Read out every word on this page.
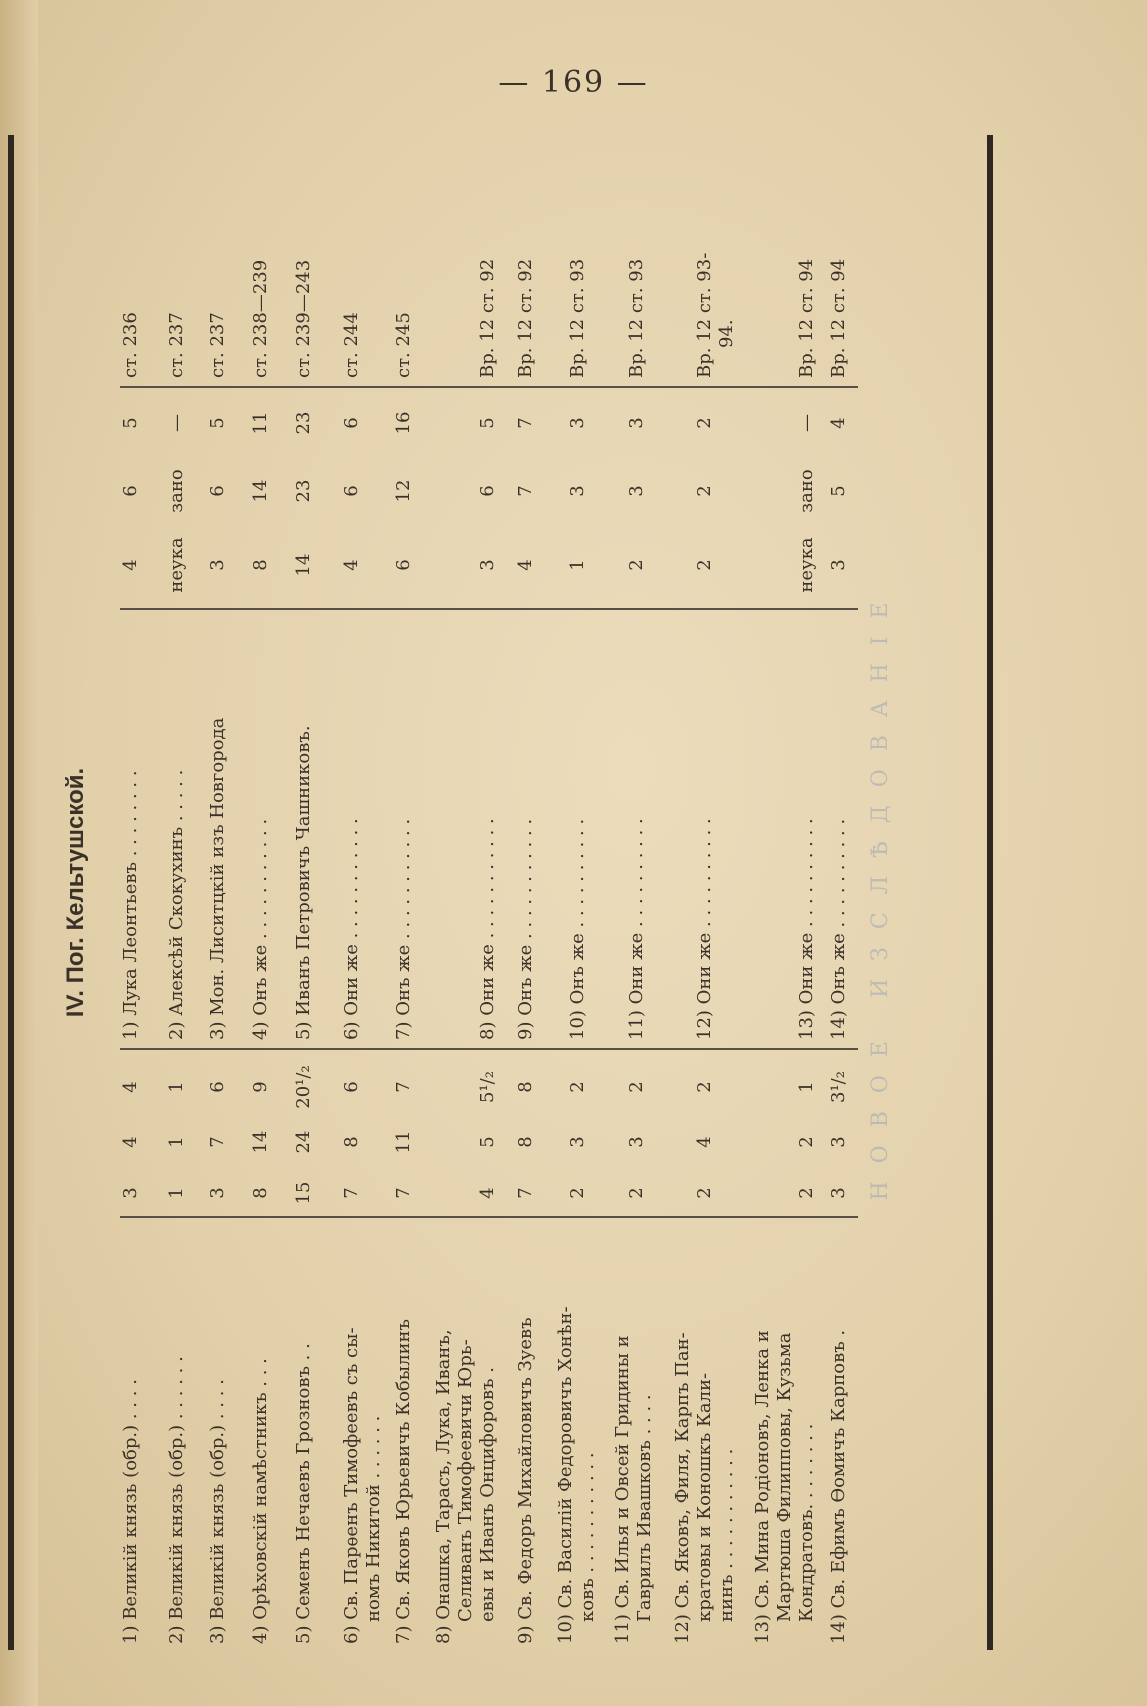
— 169 —
IV. Пог. Кельтушской.
1) Великій князь (обр.) . . . .
3
4
4
1) Лука Леонтьевъ . . . . . . . .
4
6
5
ст. 236
2) Великій князь (обр.) . . . . . .
1
1
1
2) Алексѣй Скокухинъ . . . . .
неука
зано
—
ст. 237
3) Великій князь (обр.) . . . .
3
7
6
3) Мон. Лиситцкій изъ Новгорода
3
6
5
ст. 237
4) Орѣховскій намѣстникъ . . .
8
14
9
4) Онъ же . . . . . . . . . . .
8
14
11
ст. 238—239
5) Семенъ Нечаевъ Грозновъ . .
15
24
20¹/₂
5) Иванъ Петровичъ Чашниковъ.
14
23
23
ст. 239—243
6) Св. Парѳенъ Тимофеевъ съ сы-
номъ Никитой . . . . . .
7
8
6
6) Они же . . . . . . . . . . .
4
6
6
ст. 244
7) Св. Яковъ Юрьевичъ Кобылинъ
7
11
7
7) Онъ же . . . . . . . . . . .
6
12
16
ст. 245
8) Онашка, Тарасъ, Лука, Иванъ,
Селиванъ Тимофеевичи Юрь-
евы и Иванъ Онцифоровъ .
4
5
5¹/₂
8) Они же . . . . . . . . . . .
3
6
5
Вр. 12 ст. 92
9) Св. Федоръ Михайловичъ Зуевъ
7
8
8
9) Онъ же . . . . . . . . . . .
4
7
7
Вр. 12 ст. 92
10) Св. Василій Федоровичъ Хонѣн-
ковъ . . . . . . . . . . .
2
3
2
10) Онъ же . . . . . . . . . .
1
3
3
Вр. 12 ст. 93
11) Св. Илья и Овсей Гридины и
Гаврилъ Ивашковъ . . . .
2
3
2
11) Они же . . . . . . . . . .
2
3
3
Вр. 12 ст. 93
12) Св. Яковъ, Филя, Карпъ Пан-
кратовы и Коношкъ Кали-
нинъ . . . . . . . . . . .
2
4
2
12) Они же . . . . . . . . . .
2
2
2
Вр. 12 ст. 93-
94.
13) Св. Мина Родіоновъ, Ленка и
Мартюша Филипповы, Кузьма
Кондратовъ. . . . . . . .
2
2
1
13) Они же . . . . . . . . . .
неука
зано
—
Вр. 12 ст. 94
14) Св. Ефимъ Ѳомичъ Карповъ .
3
3
3¹/₂
14) Онъ же . . . . . . . . . .
3
5
4
Вр. 12 ст. 94
НОВОЕ ИЗСЛѢДОВАНІЕ
